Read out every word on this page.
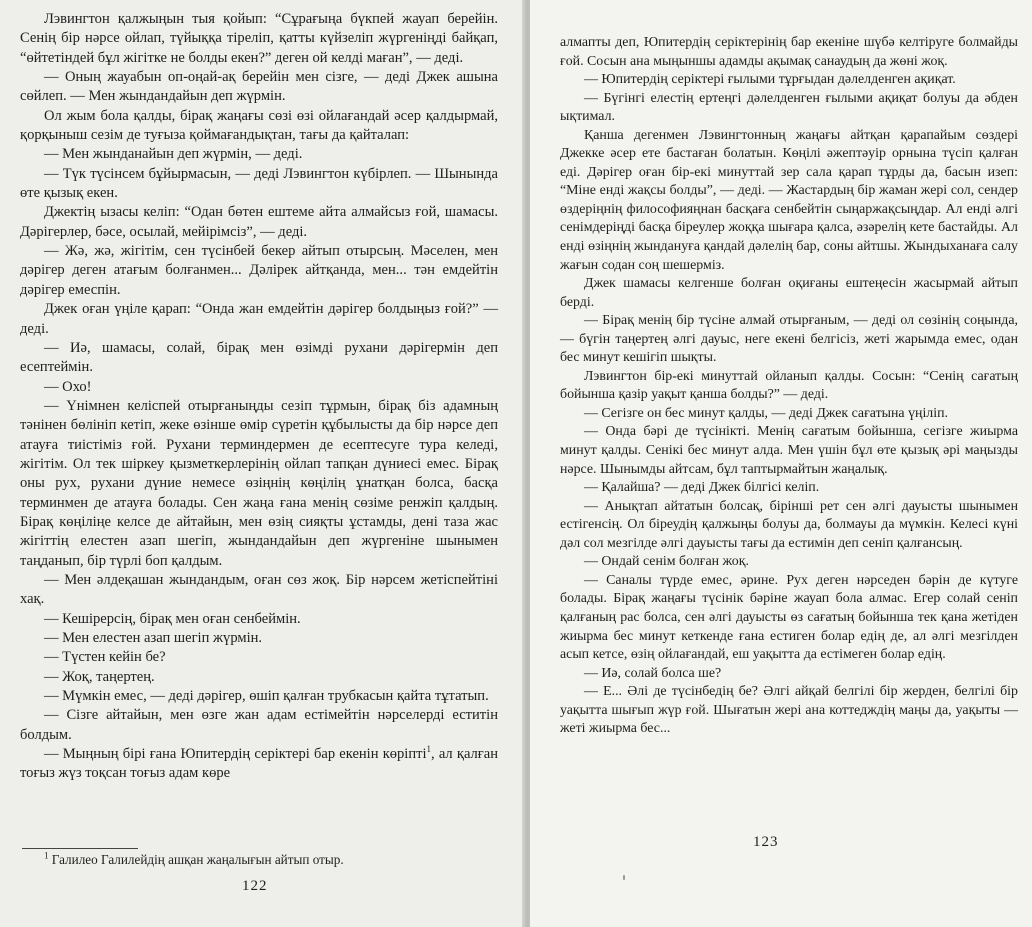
Лэвингтон қалжыңын тыя қойып: “Сұрағыңа бүкпей жауап берейін. Сенің бір нәрсе ойлап, түйыққа тіреліп, қатты күйзеліп жүргеніңді байқап, “өйтетіндей бұл жігітке не болды екен?” деген ой келді маған”, — деді.

— Оның жауабын оп-оңай-ақ берейін мен сізге, — деді Джек ашына сөйлеп. — Мен жындандайын деп жүрмін.

Ол жым бола қалды, бірақ жаңағы сөзі өзі ойлағандай әсер қалдырмай, қорқыныш сезім де туғыза қоймағандықтан, тағы да қайталап:

— Мен жынданайын деп жүрмін, — деді.

— Түк түсінсем бұйырмасын, — деді Лэвингтон күбірлеп. — Шынында өте қызық екен.

Джектің ызасы келіп: “Одан бөтен ештеме айта алмайсыз ғой, шамасы. Дәрігерлер, бәсе, осылай, мейірімсіз”, — деді.

— Жә, жә, жігітім, сен түсінбей бекер айтып отырсың. Мәселен, мен дәрігер деген атағым болғанмен... Дәлірек айтқанда, мен... тән емдейтін дәрігер емеспін.

Джек оған үңіле қарап: “Онда жан емдейтін дәрігер болдыңыз ғой?” — деді.

— Иә, шамасы, солай, бірақ мен өзімді рухани дәрігермін деп есептеймін.

— Охо!

— Үнімнен келіспей отырғаныңды сезіп тұрмын, бірақ біз адамның тәнінен бөлініп кетіп, жеке өзінше өмір сүретін құбылысты да бір нәрсе деп атауға тиістіміз ғой. Рухани терминдермен де есептесуге тура келеді, жігітім. Ол тек шіркеу қызметкерлерінің ойлап тапқан дүниесі емес. Бірақ оны рух, рухани дүние немесе өзіңнің көңілің ұнатқан болса, басқа терминмен де атауға болады. Сен жаңа ғана менің сөзіме ренжіп қалдың. Бірақ көңіліңе келсе де айтайын, мен өзің сияқты ұстамды, дені таза жас жігіттің елестен азап шегіп, жындандайын деп жүргеніне шынымен таңданып, бір түрлі боп қалдым.

— Мен әлдеқашан жындандым, оған сөз жоқ. Бір нәрсем жетіспейтіні хақ.

— Кешірерсің, бірақ мен оған сенбеймін.

— Мен елестен азап шегіп жүрмін.

— Түстен кейін бе?

— Жоқ, таңертең.

— Мүмкін емес, — деді дәрігер, өшіп қалған трубкасын қайта тұтатып.

— Сізге айтайын, мен өзге жан адам естімейтін нәрселерді еститін болдым.

— Мыңның бірі ғана Юпитердің серіктері бар екенін көріпті$^1$, ал қалған тоғыз жүз тоқсан тоғыз адам көре

$^1$ Галилео Галилейдің ашқан жаңалығын айтып отыр.
122

алмапты деп, Юпитердің серіктерінің бар екеніне шүбә келтіруге болмайды ғой. Сосын ана мыңыншы адамды ақымақ санаудың да жөні жоқ.

— Юпитердің серіктері ғылыми тұрғыдан дәлелденген ақиқат.

— Бүгінгі елестің ертеңгі дәлелденген ғылыми ақиқат болуы да әбден ықтимал.

Қанша дегенмен Лэвингтонның жаңағы айтқан қарапайым сөздері Джекке әсер ете бастаған болатын. Көңілі әжептәуір орнына түсіп қалған еді. Дәрігер оған бір-екі минуттай зер сала қарап тұрды да, басын изеп: “Міне енді жақсы болды”, — деді. — Жастардың бір жаман жері сол, сендер өздеріңнің философияңнан басқаға сенбейтін сыңаржақсыңдар. Ал енді әлгі сенімдеріңді басқа біреулер жоққа шығара қалса, әзәрелің кете бастайды. Ал енді өзіңнің жындануға қандай дәлелің бар, соны айтшы. Жындыханаға салу жағын содан соң шешерміз.

Джек шамасы келгенше болған оқиғаны ештеңесін жасырмай айтып берді.

— Бірақ менің бір түсіне алмай отырғаным, — деді ол сөзінің соңында, — бүгін таңертең әлгі дауыс, неге екені белгісіз, жеті жарымда емес, одан бес минут кешігіп шықты.

Лэвингтон бір-екі минуттай ойланып қалды. Сосын: “Сенің сағатың бойынша қазір уақыт қанша болды?” — деді.

— Сегізге он бес минут қалды, — деді Джек сағатына үңіліп.

— Онда бәрі де түсінікті. Менің сағатым бойынша, сегізге жиырма минут қалды. Сенікі бес минут алда. Мен үшін бұл өте қызық әрі маңызды нәрсе. Шынымды айтсам, бұл таптырмайтын жаңалық.

— Қалайша? — деді Джек білгісі келіп.

— Анықтап айтатын болсақ, бірінші рет сен әлгі дауысты шынымен естігенсің. Ол біреудің қалжыңы болуы да, болмауы да мүмкін. Келесі күні дәл сол мезгілде әлгі дауысты тағы да естимін деп сеніп қалғансың.

— Ондай сенім болған жоқ.

— Саналы түрде емес, әрине. Рух деген нәрседен бәрін де күтуге болады. Бірақ жаңағы түсінік бәріне жауап бола алмас. Егер солай сеніп қалғаның рас болса, сен әлгі дауысты өз сағатың бойынша тек қана жетіден жиырма бес минут кеткенде ғана естиген болар едің де, ал әлгі мезгілден асып кетсе, өзің ойлағандай, еш уақытта да естімеген болар едің.

— Иә, солай болса ше?

— Е... Әлі де түсінбедің бе? Әлгі айқай белгілі бір жерден, белгілі бір уақытта шығып жүр ғой. Шығатын жері ана коттедждің маңы да, уақыты — жеті жиырма бес...

123
